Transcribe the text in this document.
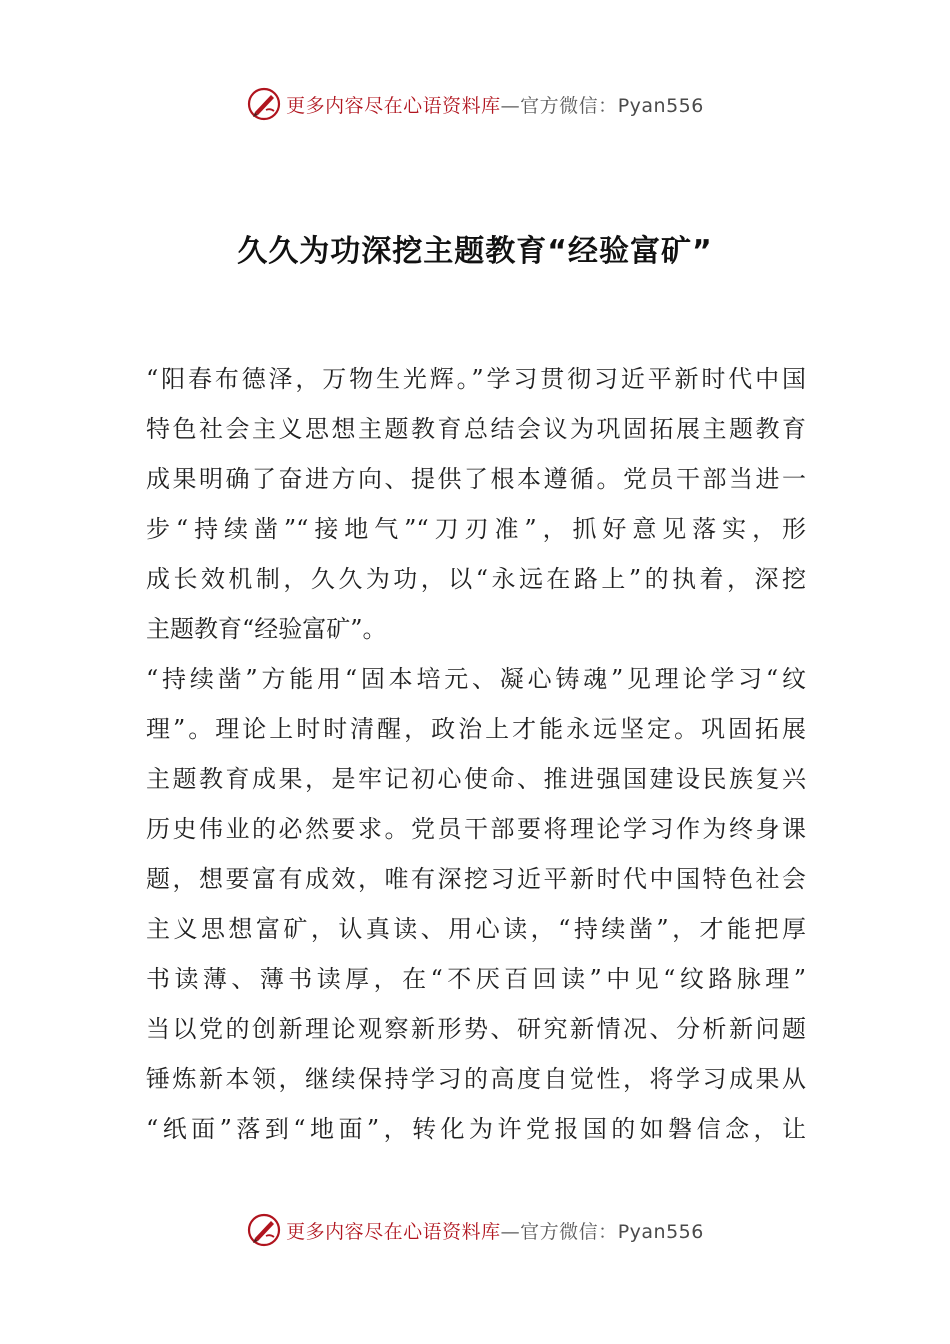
更多内容尽在心语资料库—官方微信：Pyan556
久久为功深挖主题教育“经验富矿”
“阳春布德泽，万物生光辉。”学习贯彻习近平新时代中国
特色社会主义思想主题教育总结会议为巩固拓展主题教育
成果明确了奋进方向、提供了根本遵循。党员干部当进一
步“持续凿”“接地气”“刀刃准”，抓好意见落实，形
成长效机制，久久为功，以“永远在路上”的执着，深挖
主题教育“经验富矿”。
“持续凿”方能用“固本培元、凝心铸魂”见理论学习“纹
理”。理论上时时清醒，政治上才能永远坚定。巩固拓展
主题教育成果，是牢记初心使命、推进强国建设民族复兴
历史伟业的必然要求。党员干部要将理论学习作为终身课
题，想要富有成效，唯有深挖习近平新时代中国特色社会
主义思想富矿，认真读、用心读，“持续凿”，才能把厚
书读薄、薄书读厚，在“不厌百回读”中见“纹路脉理”
当以党的创新理论观察新形势、研究新情况、分析新问题
锤炼新本领，继续保持学习的高度自觉性，将学习成果从
“纸面”落到“地面”，转化为许党报国的如磐信念，让
更多内容尽在心语资料库—官方微信：Pyan556
